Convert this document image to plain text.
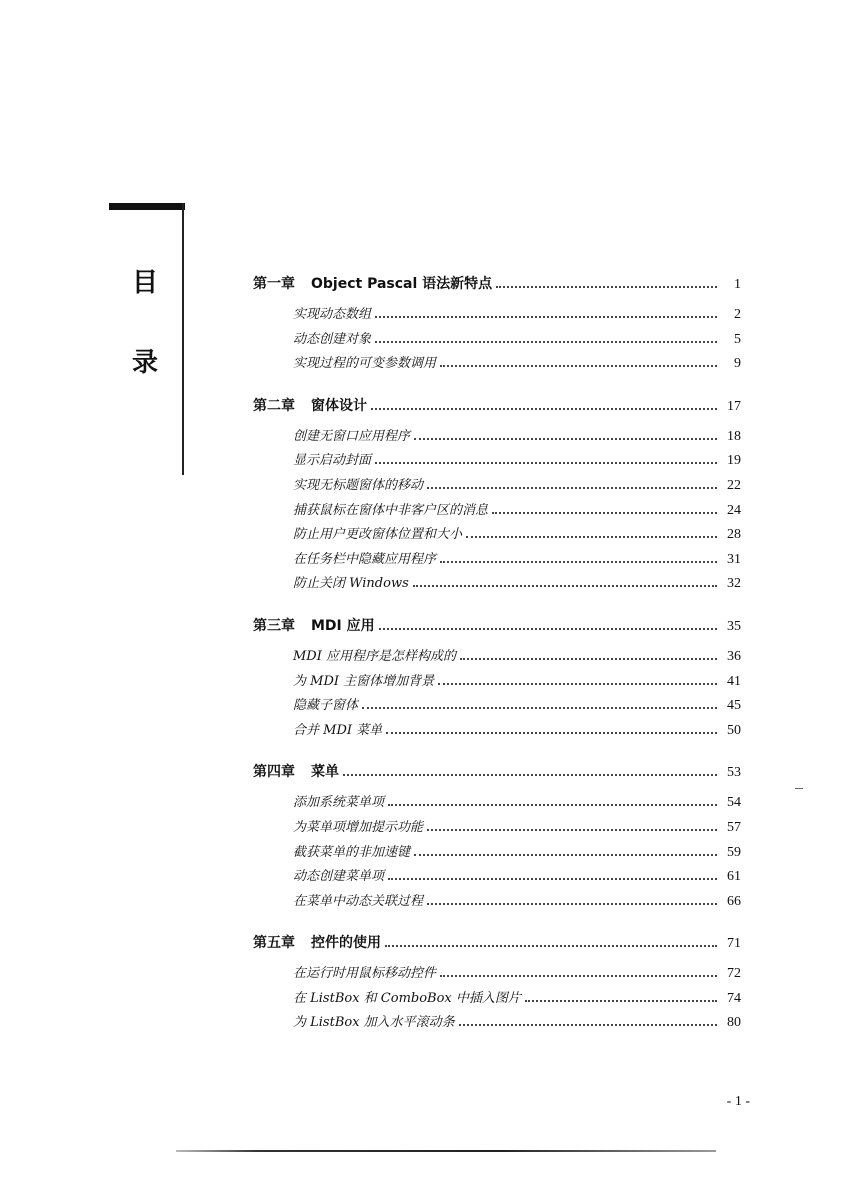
目
录
第一章 Object Pascal 语法新特点	1
实现动态数组	2
动态创建对象	5
实现过程的可变参数调用	9
第二章 窗体设计	17
创建无窗口应用程序	18
显示启动封面	19
实现无标题窗体的移动	22
捕获鼠标在窗体中非客户区的消息	24
防止用户更改窗体位置和大小	28
在任务栏中隐藏应用程序	31
防止关闭 Windows	32
第三章 MDI 应用	35
MDI 应用程序是怎样构成的	36
为 MDI 主窗体增加背景	41
隐藏子窗体	45
合并 MDI 菜单	50
第四章 菜单	53
添加系统菜单项	54
为菜单项增加提示功能	57
截获菜单的非加速键	59
动态创建菜单项	61
在菜单中动态关联过程	66
第五章 控件的使用	71
在运行时用鼠标移动控件	72
在 ListBox 和 ComboBox 中插入图片	74
为 ListBox 加入水平滚动条	80
- 1 -
